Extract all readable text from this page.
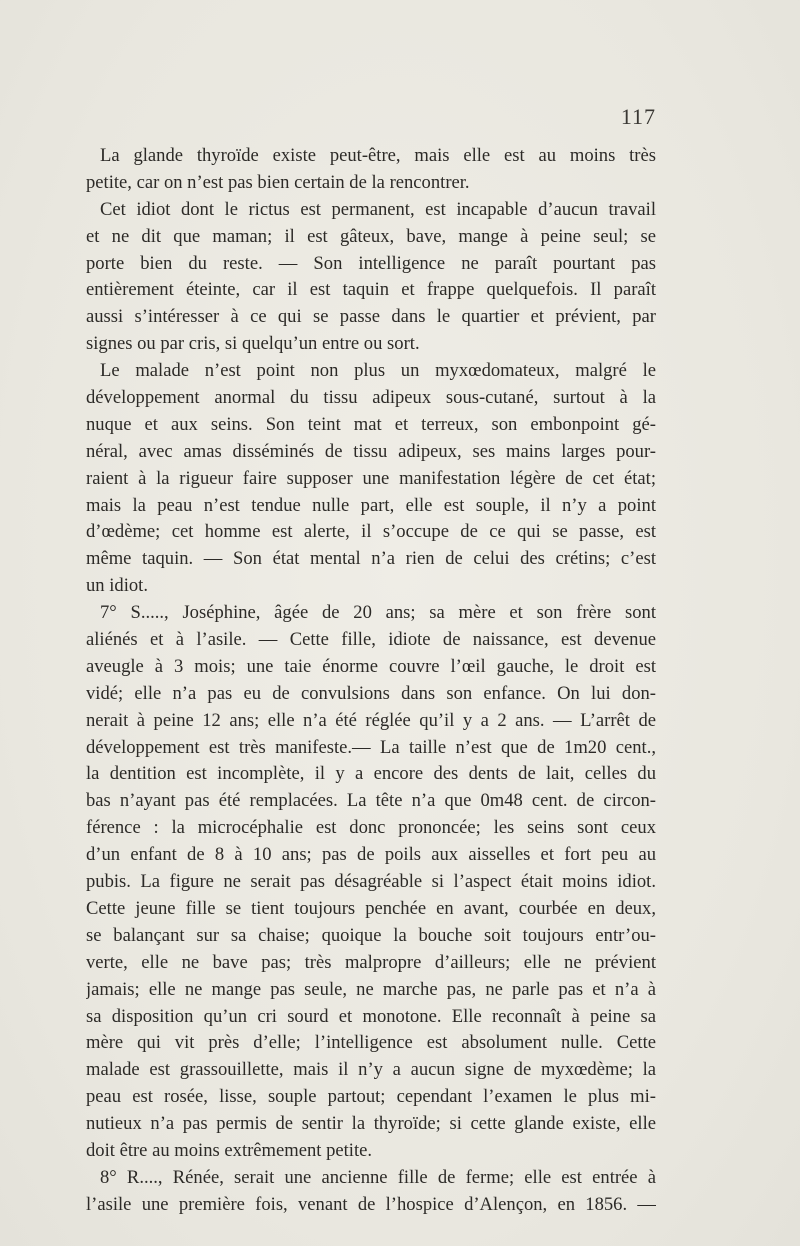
117
La glande thyroïde existe peut-être, mais elle est au moins très
petite, car on n’est pas bien certain de la rencontrer.
Cet idiot dont le rictus est permanent, est incapable d’aucun travail
et ne dit que maman; il est gâteux, bave, mange à peine seul; se
porte bien du reste. — Son intelligence ne paraît pourtant pas
entièrement éteinte, car il est taquin et frappe quelquefois. Il paraît
aussi s’intéresser à ce qui se passe dans le quartier et prévient, par
signes ou par cris, si quelqu’un entre ou sort.
Le malade n’est point non plus un myxœdomateux, malgré le
développement anormal du tissu adipeux sous-cutané, surtout à la
nuque et aux seins. Son teint mat et terreux, son embonpoint gé-
néral, avec amas disséminés de tissu adipeux, ses mains larges pour-
raient à la rigueur faire supposer une manifestation légère de cet état;
mais la peau n’est tendue nulle part, elle est souple, il n’y a point
d’œdème; cet homme est alerte, il s’occupe de ce qui se passe, est
même taquin. — Son état mental n’a rien de celui des crétins; c’est
un idiot.
7° S....., Joséphine, âgée de 20 ans; sa mère et son frère sont
aliénés et à l’asile. — Cette fille, idiote de naissance, est devenue
aveugle à 3 mois; une taie énorme couvre l’œil gauche, le droit est
vidé; elle n’a pas eu de convulsions dans son enfance. On lui don-
nerait à peine 12 ans; elle n’a été réglée qu’il y a 2 ans. — L’arrêt de
développement est très manifeste.— La taille n’est que de 1m20 cent.,
la dentition est incomplète, il y a encore des dents de lait, celles du
bas n’ayant pas été remplacées. La tête n’a que 0m48 cent. de circon-
férence : la microcéphalie est donc prononcée; les seins sont ceux
d’un enfant de 8 à 10 ans; pas de poils aux aisselles et fort peu au
pubis. La figure ne serait pas désagréable si l’aspect était moins idiot.
Cette jeune fille se tient toujours penchée en avant, courbée en deux,
se balançant sur sa chaise; quoique la bouche soit toujours entr’ou-
verte, elle ne bave pas; très malpropre d’ailleurs; elle ne prévient
jamais; elle ne mange pas seule, ne marche pas, ne parle pas et n’a à
sa disposition qu’un cri sourd et monotone. Elle reconnaît à peine sa
mère qui vit près d’elle; l’intelligence est absolument nulle. Cette
malade est grassouillette, mais il n’y a aucun signe de myxœdème; la
peau est rosée, lisse, souple partout; cependant l’examen le plus mi-
nutieux n’a pas permis de sentir la thyroïde; si cette glande existe, elle
doit être au moins extrêmement petite.
8° R...., Rénée, serait une ancienne fille de ferme; elle est entrée à
l’asile une première fois, venant de l’hospice d’Alençon, en 1856. —
